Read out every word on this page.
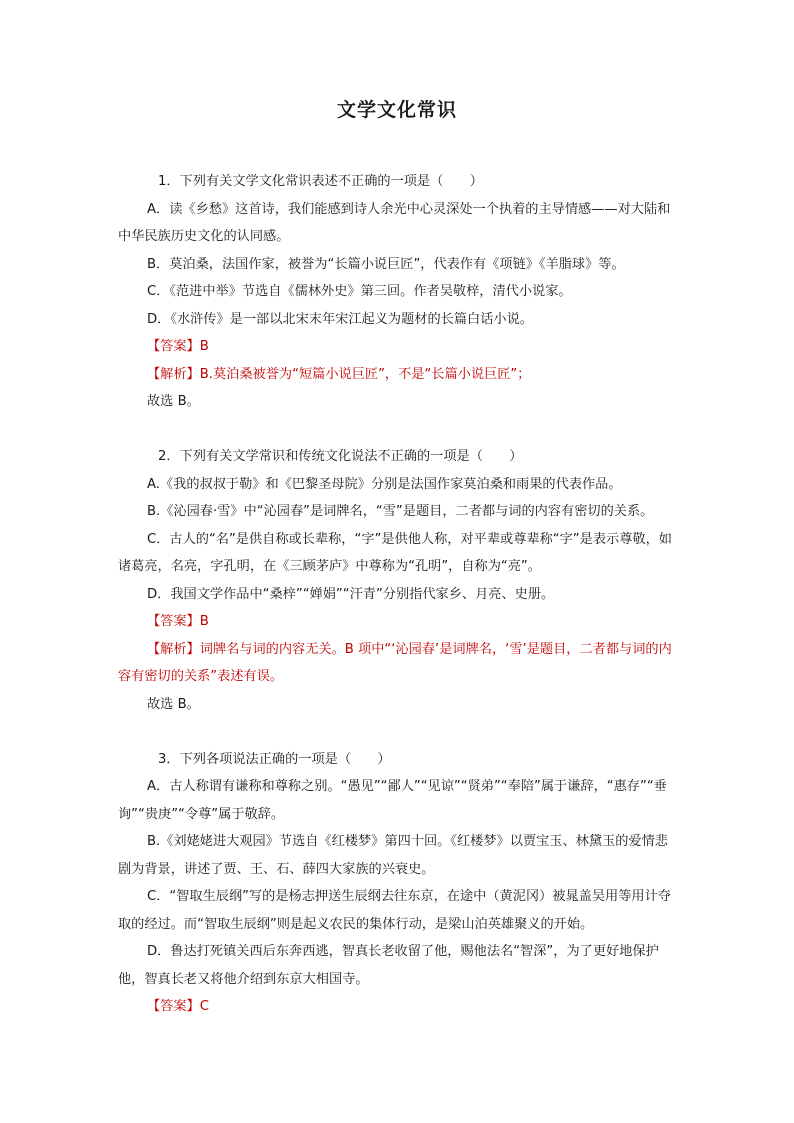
文学文化常识

1．下列有关文学文化常识表述不正确的一项是（　　）

A．读《乡愁》这首诗，我们能感到诗人余光中心灵深处一个执着的主导情感——对大陆和中华民族历史文化的认同感。

B．莫泊桑，法国作家，被誉为“长篇小说巨匠”，代表作有《项链》《羊脂球》等。

C．《范进中举》节选自《儒林外史》第三回。作者吴敬梓，清代小说家。

D．《水浒传》是一部以北宋末年宋江起义为题材的长篇白话小说。

【答案】B

【解析】B.莫泊桑被誉为“短篇小说巨匠”，不是“长篇小说巨匠”；

故选 B。

2．下列有关文学常识和传统文化说法不正确的一项是（　　）

A.《我的叔叔于勒》和《巴黎圣母院》分别是法国作家莫泊桑和雨果的代表作品。

B.《沁园春·雪》中“沁园春”是词牌名，“雪”是题目，二者都与词的内容有密切的关系。

C．古人的“名”是供自称或长辈称，“字”是供他人称，对平辈或尊辈称“字”是表示尊敬，如诸葛亮，名亮，字孔明，在《三顾茅庐》中尊称为“孔明”，自称为“亮”。

D．我国文学作品中“桑梓”“婵娟”“汗青”分别指代家乡、月亮、史册。

【答案】B

【解析】词牌名与词的内容无关。B 项中“‘沁园春’是词牌名，‘雪’是题目，二者都与词的内容有密切的关系”表述有误。

故选 B。

3．下列各项说法正确的一项是（　　）

A．古人称谓有谦称和尊称之别。“愚见”“鄙人”“见谅”“贤弟”“奉陪”属于谦辞，“惠存”“垂询”“贵庚”“令尊”属于敬辞。

B.《刘姥姥进大观园》节选自《红楼梦》第四十回。《红楼梦》以贾宝玉、林黛玉的爱情悲剧为背景，讲述了贾、王、石、薛四大家族的兴衰史。

C．“智取生辰纲”写的是杨志押送生辰纲去往东京，在途中（黄泥冈）被晁盖吴用等用计夺取的经过。而“智取生辰纲”则是起义农民的集体行动，是梁山泊英雄聚义的开始。

D．鲁达打死镇关西后东奔西逃，智真长老收留了他，赐他法名“智深”，为了更好地保护他，智真长老又将他介绍到东京大相国寺。

【答案】C
